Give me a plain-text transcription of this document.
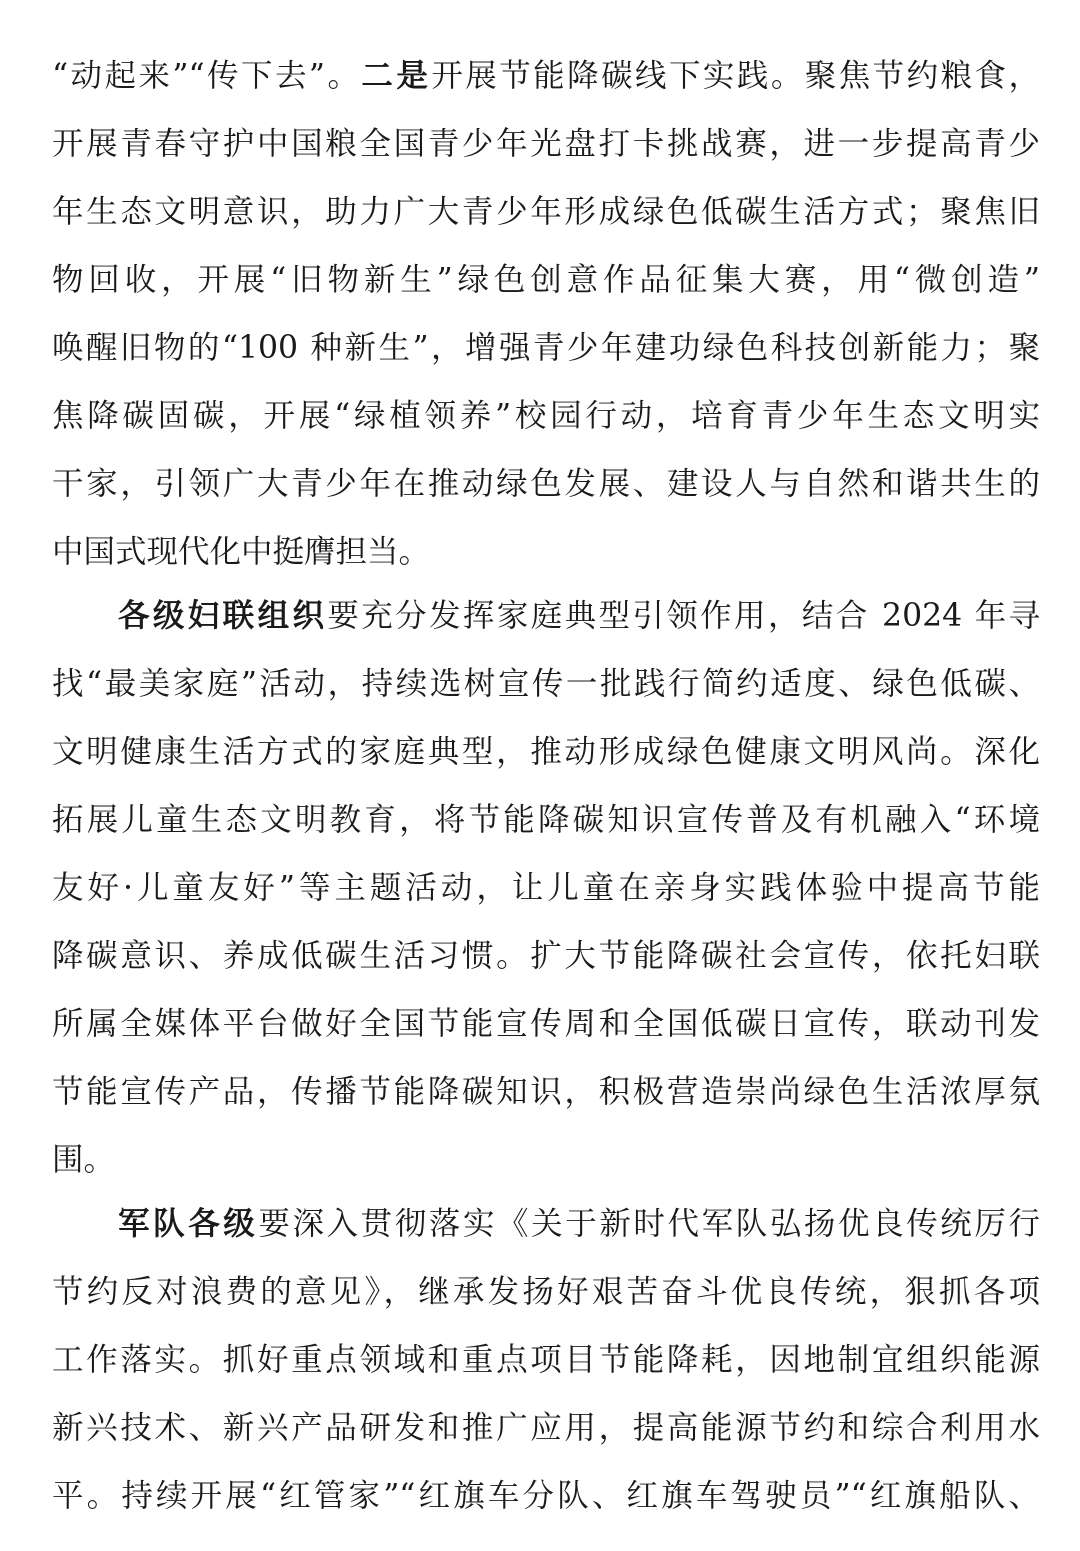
“动起来”“传下去”。二是开展节能降碳线下实践。聚焦节约粮食，
开展青春守护中国粮全国青少年光盘打卡挑战赛，进一步提高青少
年生态文明意识，助力广大青少年形成绿色低碳生活方式；聚焦旧
物回收，开展“旧物新生”绿色创意作品征集大赛，用“微创造”
唤醒旧物的“100 种新生”，增强青少年建功绿色科技创新能力；聚
焦降碳固碳，开展“绿植领养”校园行动，培育青少年生态文明实
干家，引领广大青少年在推动绿色发展、建设人与自然和谐共生的
中国式现代化中挺膺担当。
各级妇联组织要充分发挥家庭典型引领作用，结合 2024 年寻
找“最美家庭”活动，持续选树宣传一批践行简约适度、绿色低碳、
文明健康生活方式的家庭典型，推动形成绿色健康文明风尚。深化
拓展儿童生态文明教育，将节能降碳知识宣传普及有机融入“环境
友好·儿童友好”等主题活动，让儿童在亲身实践体验中提高节能
降碳意识、养成低碳生活习惯。扩大节能降碳社会宣传，依托妇联
所属全媒体平台做好全国节能宣传周和全国低碳日宣传，联动刊发
节能宣传产品，传播节能降碳知识，积极营造崇尚绿色生活浓厚氛
围。
军队各级要深入贯彻落实《关于新时代军队弘扬优良传统厉行
节约反对浪费的意见》，继承发扬好艰苦奋斗优良传统，狠抓各项
工作落实。抓好重点领域和重点项目节能降耗，因地制宜组织能源
新兴技术、新兴产品研发和推广应用，提高能源节约和综合利用水
平。持续开展“红管家”“红旗车分队、红旗车驾驶员”“红旗船队、
